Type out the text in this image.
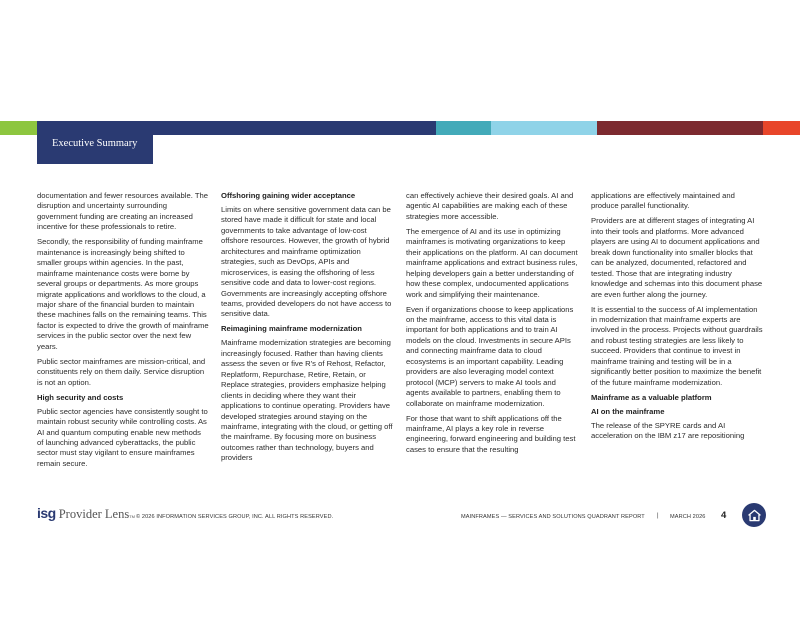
Executive Summary

documentation and fewer resources available. The disruption and uncertainty surrounding government funding are creating an increased incentive for these professionals to retire.

Secondly, the responsibility of funding mainframe maintenance is increasingly being shifted to smaller groups within agencies. In the past, mainframe maintenance costs were borne by several groups or departments. As more groups migrate applications and workflows to the cloud, a major share of the financial burden to maintain these machines falls on the remaining teams. This factor is expected to drive the growth of mainframe services in the public sector over the next few years.

Public sector mainframes are mission-critical, and constituents rely on them daily. Service disruption is not an option.

High security and costs

Public sector agencies have consistently sought to maintain robust security while controlling costs. As AI and quantum computing enable new methods of launching advanced cyberattacks, the public sector must stay vigilant to ensure mainframes remain secure.

Offshoring gaining wider acceptance

Limits on where sensitive government data can be stored have made it difficult for state and local governments to take advantage of low-cost offshore resources. However, the growth of hybrid architectures and mainframe optimization strategies, such as DevOps, APIs and microservices, is easing the offshoring of less sensitive code and data to lower-cost regions. Governments are increasingly accepting offshore teams, provided developers do not have access to sensitive data.

Reimagining mainframe modernization

Mainframe modernization strategies are becoming increasingly focused. Rather than having clients assess the seven or five R’s of Rehost, Refactor, Replatform, Repurchase, Retire, Retain, or Replace strategies, providers emphasize helping clients in deciding where they want their applications to continue operating. Providers have developed strategies around staying on the mainframe, integrating with the cloud, or getting off the mainframe. By focusing more on business outcomes rather than technology, buyers and providers

can effectively achieve their desired goals. AI and agentic AI capabilities are making each of these strategies more accessible.

The emergence of AI and its use in optimizing mainframes is motivating organizations to keep their applications on the platform. AI can document mainframe applications and extract business rules, helping developers gain a better understanding of how these complex, undocumented applications work and simplifying their maintenance.

Even if organizations choose to keep applications on the mainframe, access to this vital data is important for both applications and to train AI models on the cloud. Investments in secure APIs and connecting mainframe data to cloud ecosystems is an important capability. Leading providers are also leveraging model context protocol (MCP) servers to make AI tools and agents available to partners, enabling them to collaborate on mainframe modernization.

For those that want to shift applications off the mainframe, AI plays a key role in reverse engineering, forward engineering and building test cases to ensure that the resulting

applications are effectively maintained and produce parallel functionality.

Providers are at different stages of integrating AI into their tools and platforms. More advanced players are using AI to document applications and break down functionality into smaller blocks that can be analyzed, documented, refactored and tested. Those that are integrating industry knowledge and schemas into this document phase are even further along the journey.

It is essential to the success of AI implementation in modernization that mainframe experts are involved in the process. Projects without guardrails and robust testing strategies are less likely to succeed. Providers that continue to invest in mainframe training and testing will be in a significantly better position to maximize the benefit of the future mainframe modernization.

Mainframe as a valuable platform

AI on the mainframe

The release of the SPYRE cards and AI acceleration on the IBM z17 are repositioning

isg Provider Lens TM © 2026 INFORMATION SERVICES GROUP, INC. ALL RIGHTS RESERVED.	MAINFRAMES — SERVICES AND SOLUTIONS QUADRANT REPORT | MARCH 2026 4
